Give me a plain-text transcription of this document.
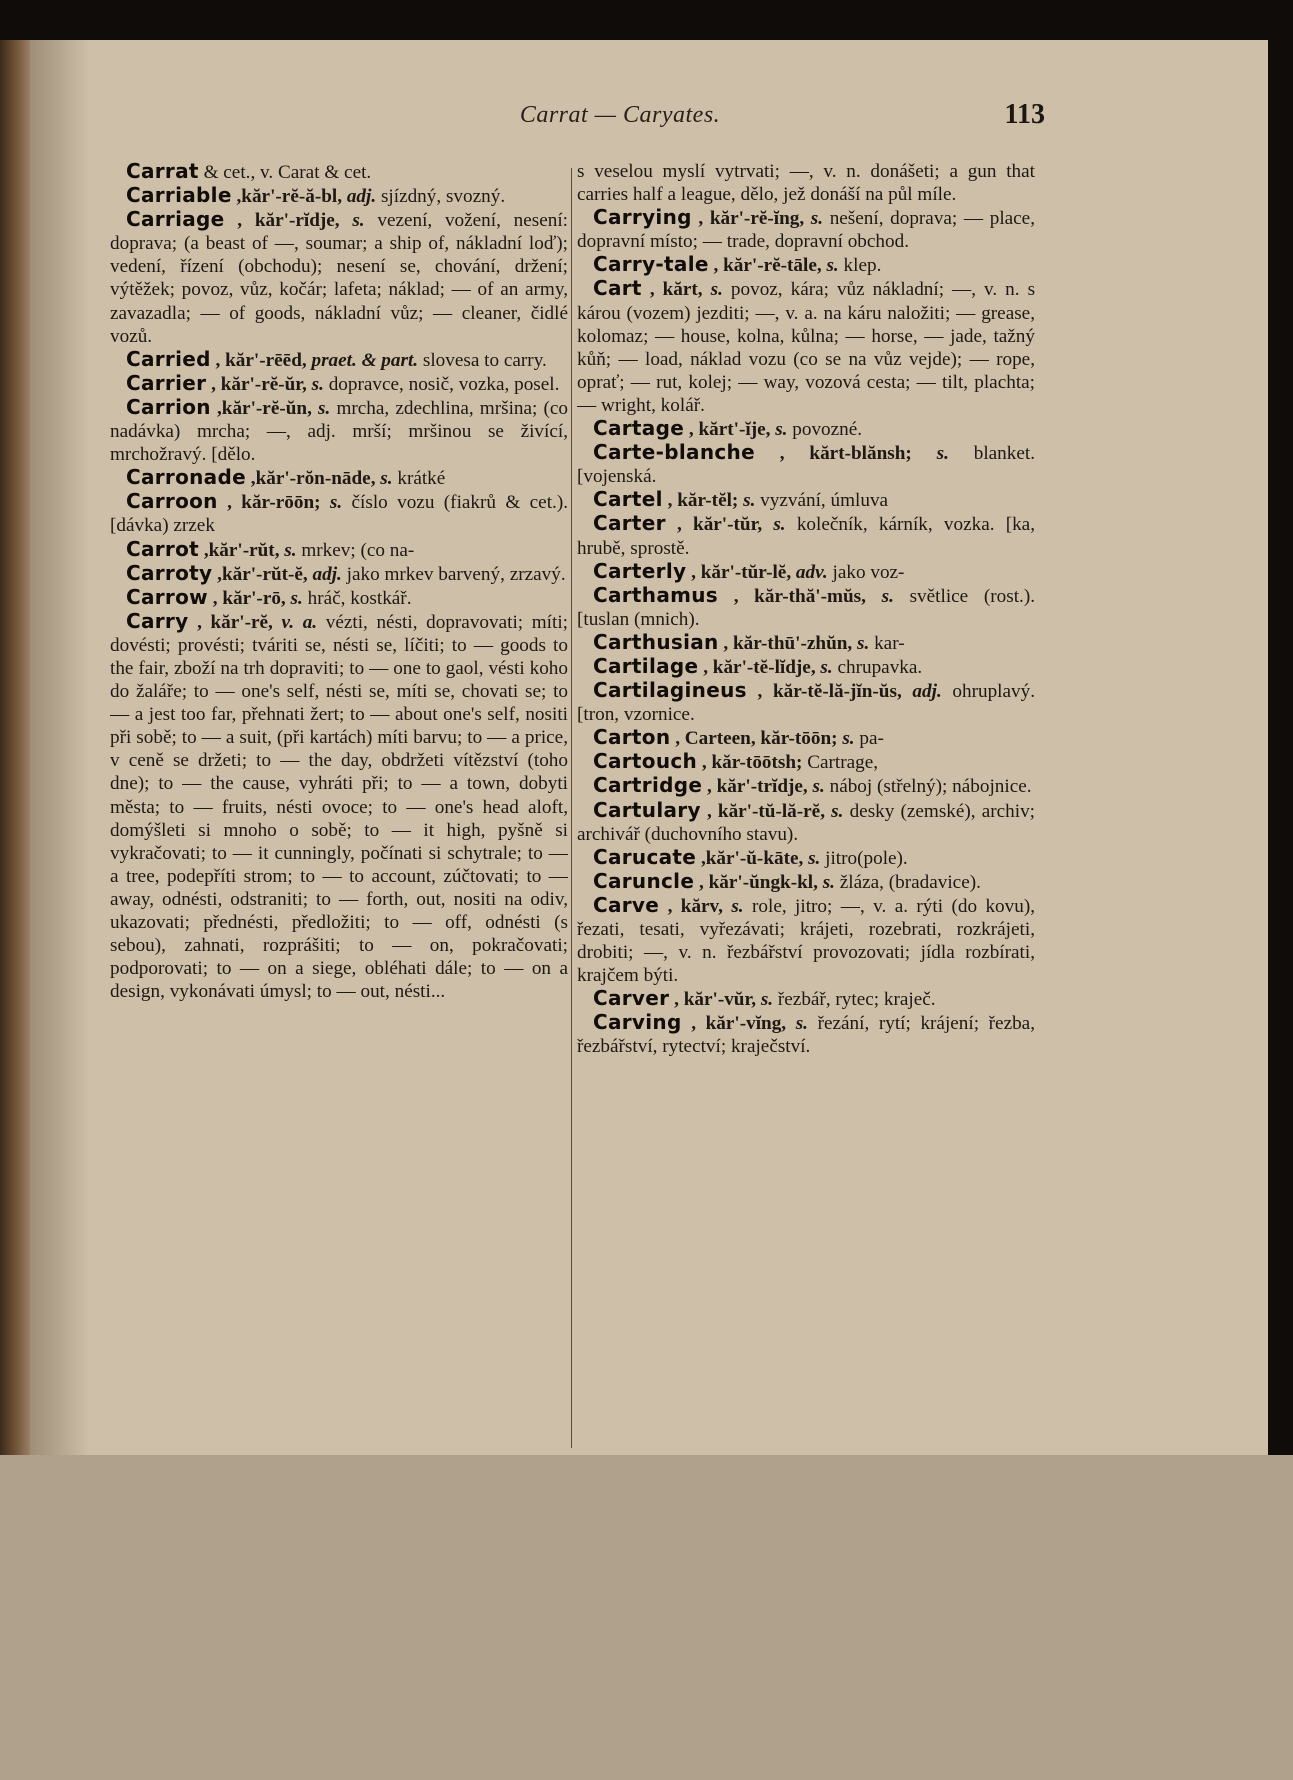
Carrat — Caryates.	113

Carrat & cet., v. Carat & cet.

Carriable ,kăr'-rĕ-ă-bl, adj. sjízdný, svozný.

Carriage , kăr'-rĭdje, s. vezení, vožení, nesení: doprava; (a beast of —, soumar; a ship of, nákladní loď); vedení, řízení (obchodu); nesení se, chování, držení; výtěžek; povoz, vůz, kočár; lafeta; náklad; — of an army, zavazadla; — of goods, nákladní vůz; — cleaner, čidlé vozů.

Carried , kăr'-rēēd, praet. & part. slovesa to carry.

Carrier , kăr'-rĕ-ŭr, s. dopravce, nosič, vozka, posel.

Carrion ,kăr'-rĕ-ŭn, s. mrcha, zdechlina, mršina; (co nadávka) mrcha; —, adj. mrší; mršinou se živící, mrchožravý. [dělo.

Carronade ,kăr'-rŏn-nāde, s. krátké

Carroon , kăr-rōōn; s. číslo vozu (fiakrů & cet.). [dávka) zrzek

Carrot ,kăr'-rŭt, s. mrkev; (co na-

Carroty ,kăr'-rŭt-ĕ, adj. jako mrkev barvený, zrzavý.

Carrow , kăr'-rō, s. hráč, kostkář.

Carry , kăr'-rĕ, v. a. vézti, nésti, dopravovati; míti; dovésti; provésti; tváriti se, nésti se, líčiti; to — goods to the fair, zboží na trh dopraviti; to — one to gaol, vésti koho do žaláře; to — one's self, nésti se, míti se, chovati se; to — a jest too far, přehnati žert; to — about one's self, nositi při sobě; to — a suit, (při kartách) míti barvu; to — a price, v ceně se držeti; to — the day, obdržeti vítězství (toho dne); to — the cause, vyhráti při; to — a town, dobyti města; to — fruits, nésti ovoce; to — one's head aloft, domýšleti si mnoho o sobě; to — it high, pyšně si vykračovati; to — it cunningly, počínati si schytrale; to — a tree, podepříti strom; to — to account, zúčtovati; to — away, odnésti, odstraniti; to — forth, out, nositi na odiv, ukazovati; přednésti, předložiti; to — off, odnésti (s sebou), zahnati, rozprášiti; to — on, pokračovati; podporovati; to — on a siege, obléhati dále; to — on a design, vykonávati úmysl; to — out, nésti...

s veselou myslí vytrvati; —, v. n. donášeti; a gun that carries half a league, dělo, jež donáší na půl míle.

Carrying , kăr'-rĕ-ĭng, s. nešení, doprava; — place, dopravní místo; — trade, dopravní obchod.

Carry-tale , kăr'-rĕ-tāle, s. klep.

Cart , kărt, s. povoz, kára; vůz nákladní; —, v. n. s károu (vozem) jezditi; —, v. a. na káru naložiti; — grease, kolomaz; — house, kolna, kůlna; — horse, — jade, tažný kůň; — load, náklad vozu (co se na vůz vejde); — rope, oprať; — rut, kolej; — way, vozová cesta; — tilt, plachta; — wright, kolář.

Cartage , kărt'-ĭje, s. povozné.

Carte-blanche , kărt-blănsh; s. blanket. [vojenská.

Cartel , kăr-tĕl; s. vyzvání, úmluva

Carter , kăr'-tŭr, s. kolečník, kárník, vozka. [ka, hrubě, sprostě.

Carterly , kăr'-tŭr-lĕ, adv. jako voz-

Carthamus , kăr-thă'-mŭs, s. světlice (rost.). [tuslan (mnich).

Carthusian , kăr-thū'-zhŭn, s. kar-

Cartilage , kăr'-tĕ-lĭdje, s. chrupavka.

Cartilagineus , kăr-tĕ-lă-jĭn-ŭs, adj. ohruplavý. [tron, vzornice.

Carton , Carteen, kăr-tōōn; s. pa-

Cartouch , kăr-tōōtsh; Cartrage,

Cartridge , kăr'-trĭdje, s. náboj (střelný); nábojnice.

Cartulary , kăr'-tŭ-lă-rĕ, s. desky (zemské), archiv; archivář (duchovního stavu).

Carucate ,kăr'-ŭ-kāte, s. jitro(pole).

Caruncle , kăr'-ŭngk-kl, s. žláza, (bradavice).

Carve , kărv, s. role, jitro; —, v. a. rýti (do kovu), řezati, tesati, vyřezávati; krájeti, rozebrati, rozkrájeti, drobiti; —, v. n. řezbářství provozovati; jídla rozbírati, krajčem býti.

Carver , kăr'-vŭr, s. řezbář, rytec; kraječ.

Carving , kăr'-vĭng, s. řezání, rytí; krájení; řezba, řezbářství, rytectví; kraječství.
